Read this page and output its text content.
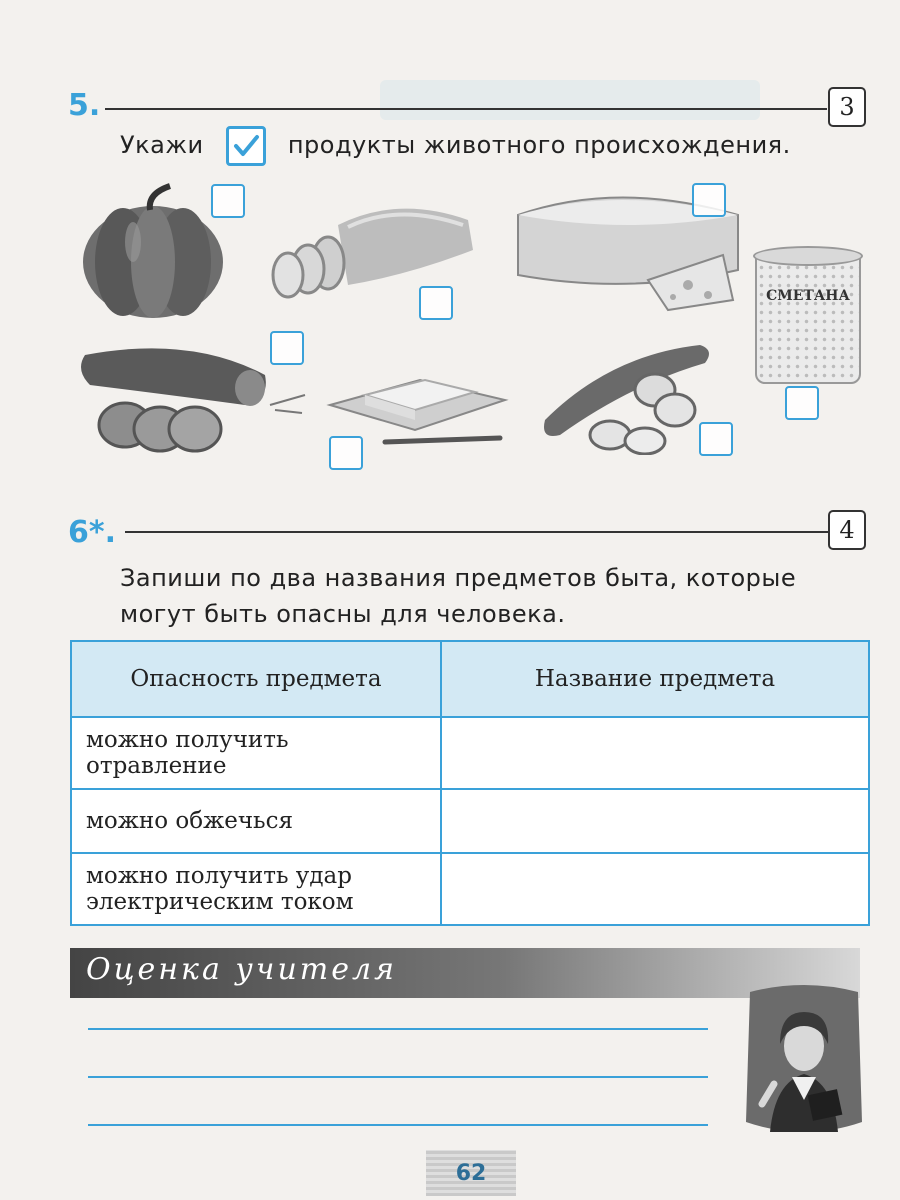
5.	3
Укажи	продукты животного происхождения.
СМЕТАНА
6*.	4
Запиши по два названия предметов быта, которые
могут быть опасны для человека.
Опасность предмета	Название предмета

можно получить
отравление	

можно обжечься	

можно получить удар
электрическим током	

Оценка учителя
62
